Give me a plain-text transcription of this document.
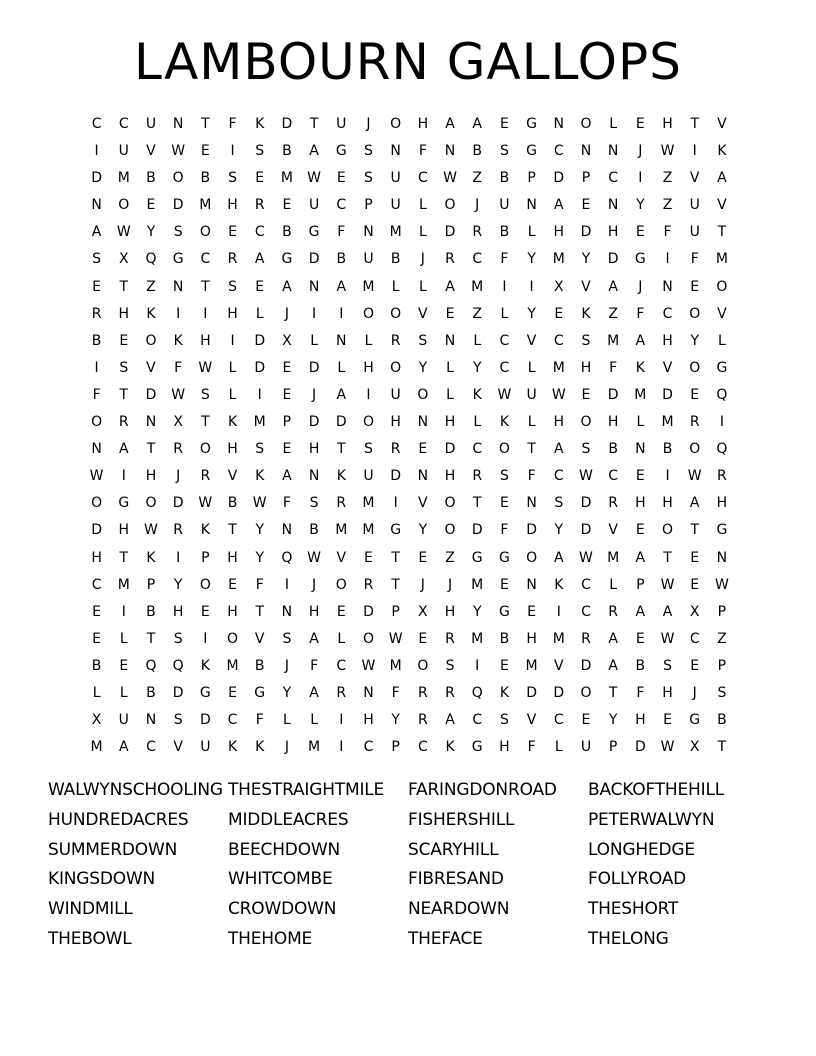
LAMBOURN GALLOPS
C	C	U	N	T	F	K	D	T	U	J	O	H	A	A	E	G	N	O	L	E	H	T	V
I	U	V	W	E	I	S	B	A	G	S	N	F	N	B	S	G	C	N	N	J	W	I	K
D	M	B	O	B	S	E	M	W	E	S	U	C	W	Z	B	P	D	P	C	I	Z	V	A
N	O	E	D	M	H	R	E	U	C	P	U	L	O	J	U	N	A	E	N	Y	Z	U	V
A	W	Y	S	O	E	C	B	G	F	N	M	L	D	R	B	L	H	D	H	E	F	U	T
S	X	Q	G	C	R	A	G	D	B	U	B	J	R	C	F	Y	M	Y	D	G	I	F	M
E	T	Z	N	T	S	E	A	N	A	M	L	L	A	M	I	I	X	V	A	J	N	E	O
R	H	K	I	I	H	L	J	I	I	O	O	V	E	Z	L	Y	E	K	Z	F	C	O	V
B	E	O	K	H	I	D	X	L	N	L	R	S	N	L	C	V	C	S	M	A	H	Y	L
I	S	V	F	W	L	D	E	D	L	H	O	Y	L	Y	C	L	M	H	F	K	V	O	G
F	T	D	W	S	L	I	E	J	A	I	U	O	L	K	W	U	W	E	D	M	D	E	Q
O	R	N	X	T	K	M	P	D	D	O	H	N	H	L	K	L	H	O	H	L	M	R	I
N	A	T	R	O	H	S	E	H	T	S	R	E	D	C	O	T	A	S	B	N	B	O	Q
W	I	H	J	R	V	K	A	N	K	U	D	N	H	R	S	F	C	W	C	E	I	W	R
O	G	O	D	W	B	W	F	S	R	M	I	V	O	T	E	N	S	D	R	H	H	A	H
D	H	W	R	K	T	Y	N	B	M	M	G	Y	O	D	F	D	Y	D	V	E	O	T	G
H	T	K	I	P	H	Y	Q	W	V	E	T	E	Z	G	G	O	A	W	M	A	T	E	N
C	M	P	Y	O	E	F	I	J	O	R	T	J	J	M	E	N	K	C	L	P	W	E	W
E	I	B	H	E	H	T	N	H	E	D	P	X	H	Y	G	E	I	C	R	A	A	X	P
E	L	T	S	I	O	V	S	A	L	O	W	E	R	M	B	H	M	R	A	E	W	C	Z
B	E	Q	Q	K	M	B	J	F	C	W	M	O	S	I	E	M	V	D	A	B	S	E	P
L	L	B	D	G	E	G	Y	A	R	N	F	R	R	Q	K	D	D	O	T	F	H	J	S
X	U	N	S	D	C	F	L	L	I	H	Y	R	A	C	S	V	C	E	Y	H	E	G	B
M	A	C	V	U	K	K	J	M	I	C	P	C	K	G	H	F	L	U	P	D	W	X	T
WALWYNSCHOOLING THESTRAIGHTMILE	FARINGDONROAD	BACKOFTHEHILL
HUNDREDACRES	MIDDLEACRES	FISHERSHILL	PETERWALWYN
SUMMERDOWN	BEECHDOWN	SCARYHILL	LONGHEDGE
KINGSDOWN	WHITCOMBE	FIBRESAND	FOLLYROAD
WINDMILL	CROWDOWN	NEARDOWN	THESHORT
THEBOWL	THEHOME	THEFACE	THELONG
